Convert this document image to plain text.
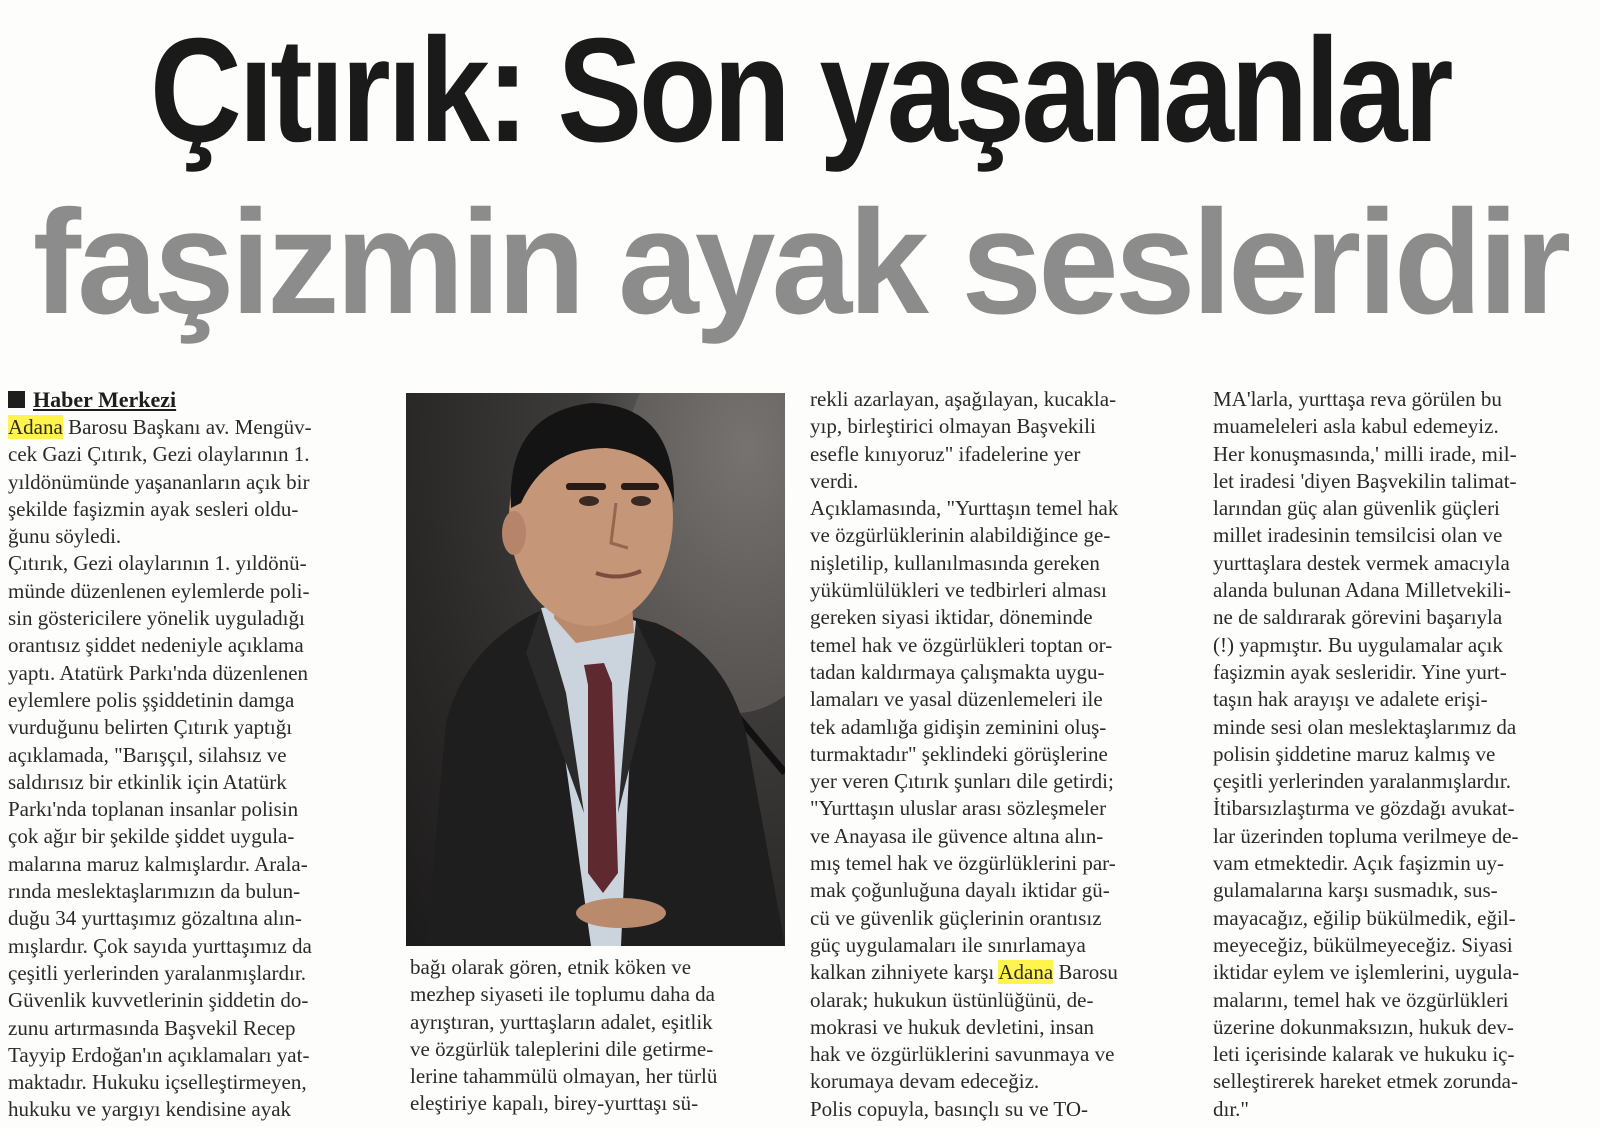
Çıtırık: Son yaşananlar
faşizmin ayak sesleridir
Haber Merkezi
Adana Barosu Başkanı av. Mengüv-
cek Gazi Çıtırık, Gezi olaylarının 1.
yıldönümünde yaşananların açık bir
şekilde faşizmin ayak sesleri oldu-
ğunu söyledi.
Çıtırık, Gezi olaylarının 1. yıldönü-
münde düzenlenen eylemlerde poli-
sin göstericilere yönelik uyguladığı
orantısız şiddet nedeniyle açıklama
yaptı. Atatürk Parkı'nda düzenlenen
eylemlere polis şşiddetinin damga
vurduğunu belirten Çıtırık yaptığı
açıklamada, "Barışçıl, silahsız ve
saldırısız bir etkinlik için Atatürk
Parkı'nda toplanan insanlar polisin
çok ağır bir şekilde şiddet uygula-
malarına maruz kalmışlardır. Arala-
rında meslektaşlarımızın da bulun-
duğu 34 yurttaşımız gözaltına alın-
mışlardır. Çok sayıda yurttaşımız da
çeşitli yerlerinden yaralanmışlardır.
Güvenlik kuvvetlerinin şiddetin do-
zunu artırmasında Başvekil Recep
Tayyip Erdoğan'ın açıklamaları yat-
maktadır. Hukuku içselleştirmeyen,
hukuku ve yargıyı kendisine ayak
bağı olarak gören, etnik köken ve
mezhep siyaseti ile toplumu daha da
ayrıştıran, yurttaşların adalet, eşitlik
ve özgürlük taleplerini dile getirme-
lerine tahammülü olmayan, her türlü
eleştiriye kapalı, birey-yurttaşı sü-
rekli azarlayan, aşağılayan, kucakla-
yıp, birleştirici olmayan Başvekili
esefle kınıyoruz" ifadelerine yer
verdi.
Açıklamasında, "Yurttaşın temel hak
ve özgürlüklerinin alabildiğince ge-
nişletilip, kullanılmasında gereken
yükümlülükleri ve tedbirleri alması
gereken siyasi iktidar, döneminde
temel hak ve özgürlükleri toptan or-
tadan kaldırmaya çalışmakta uygu-
lamaları ve yasal düzenlemeleri ile
tek adamlığa gidişin zeminini oluş-
turmaktadır" şeklindeki görüşlerine
yer veren Çıtırık şunları dile getirdi;
"Yurttaşın uluslar arası sözleşmeler
ve Anayasa ile güvence altına alın-
mış temel hak ve özgürlüklerini par-
mak çoğunluğuna dayalı iktidar gü-
cü ve güvenlik güçlerinin orantısız
güç uygulamaları ile sınırlamaya
kalkan zihniyete karşı Adana Barosu
olarak; hukukun üstünlüğünü, de-
mokrasi ve hukuk devletini, insan
hak ve özgürlüklerini savunmaya ve
korumaya devam edeceğiz.
Polis copuyla, basınçlı su ve TO-
MA'larla, yurttaşa reva görülen bu
muameleleri asla kabul edemeyiz.
Her konuşmasında,' milli irade, mil-
let iradesi 'diyen Başvekilin talimat-
larından güç alan güvenlik güçleri
millet iradesinin temsilcisi olan ve
yurttaşlara destek vermek amacıyla
alanda bulunan Adana Milletvekili-
ne de saldırarak görevini başarıyla
(!) yapmıştır. Bu uygulamalar açık
faşizmin ayak sesleridir. Yine yurt-
taşın hak arayışı ve adalete erişi-
minde sesi olan meslektaşlarımız da
polisin şiddetine maruz kalmış ve
çeşitli yerlerinden yaralanmışlardır.
İtibarsızlaştırma ve gözdağı avukat-
lar üzerinden topluma verilmeye de-
vam etmektedir. Açık faşizmin uy-
gulamalarına karşı susmadık, sus-
mayacağız, eğilip bükülmedik, eğil-
meyeceğiz, bükülmeyeceğiz. Siyasi
iktidar eylem ve işlemlerini, uygula-
malarını, temel hak ve özgürlükleri
üzerine dokunmaksızın, hukuk dev-
leti içerisinde kalarak ve hukuku iç-
selleştirerek hareket etmek zorunda-
dır."
